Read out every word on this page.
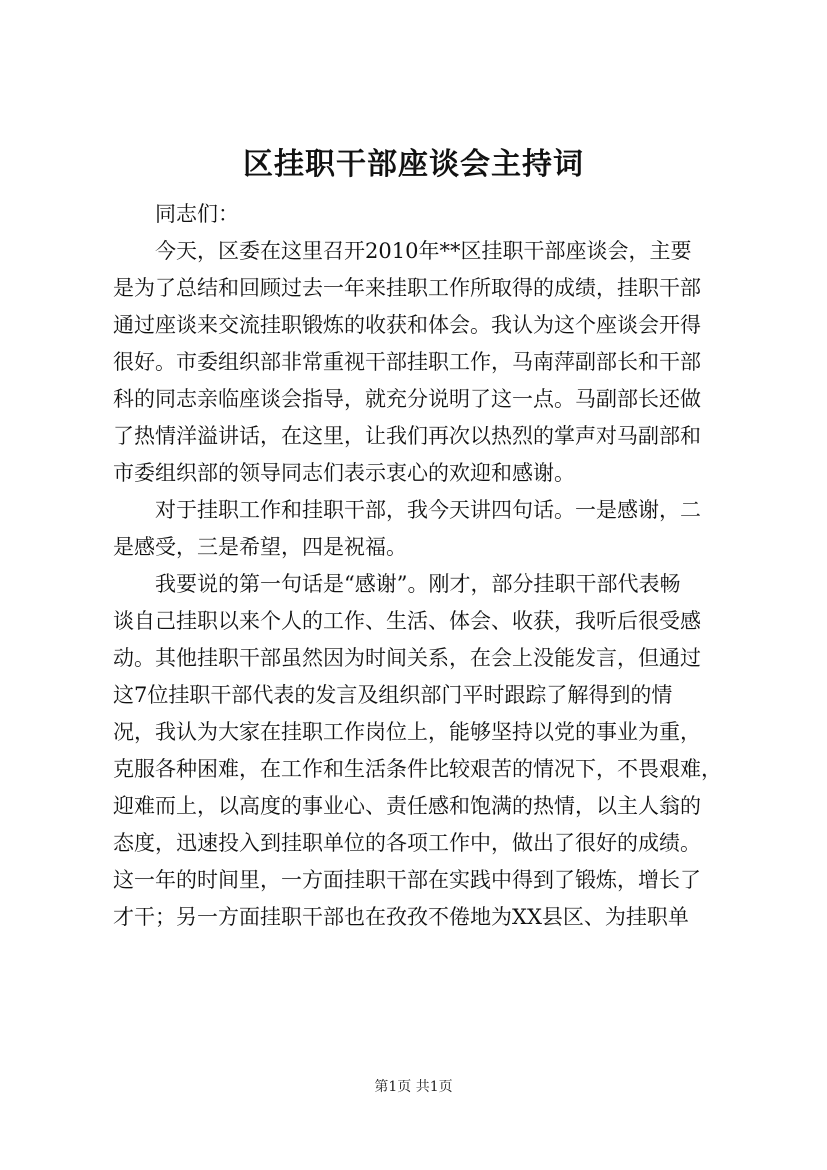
区挂职干部座谈会主持词

同志们：

今天，区委在这里召开2010年**区挂职干部座谈会，主要
是为了总结和回顾过去一年来挂职工作所取得的成绩，挂职干部
通过座谈来交流挂职锻炼的收获和体会。我认为这个座谈会开得
很好。市委组织部非常重视干部挂职工作，马南萍副部长和干部
科的同志亲临座谈会指导，就充分说明了这一点。马副部长还做
了热情洋溢讲话，在这里，让我们再次以热烈的掌声对马副部和
市委组织部的领导同志们表示衷心的欢迎和感谢。

对于挂职工作和挂职干部，我今天讲四句话。一是感谢，二
是感受，三是希望，四是祝福。

我要说的第一句话是“感谢”。刚才，部分挂职干部代表畅
谈自己挂职以来个人的工作、生活、体会、收获，我听后很受感
动。其他挂职干部虽然因为时间关系，在会上没能发言，但通过
这7位挂职干部代表的发言及组织部门平时跟踪了解得到的情
况，我认为大家在挂职工作岗位上，能够坚持以党的事业为重，
克服各种困难，在工作和生活条件比较艰苦的情况下，不畏艰难，
迎难而上，以高度的事业心、责任感和饱满的热情，以主人翁的
态度，迅速投入到挂职单位的各项工作中，做出了很好的成绩。
这一年的时间里，一方面挂职干部在实践中得到了锻炼，增长了
才干；另一方面挂职干部也在孜孜不倦地为XX县区、为挂职单

第1页 共1页
